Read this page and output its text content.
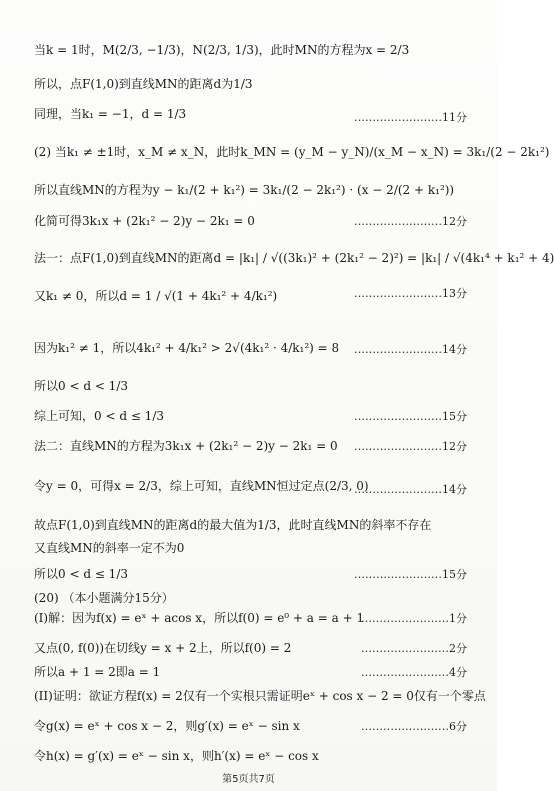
当k = 1时，M(2/3, −1/3)，N(2/3, 1/3)，此时MN的方程为x = 2/3
所以，点F(1,0)到直线MN的距离d为1/3
同理，当k₁ = −1，d = 1/3
(2) 当k₁ ≠ ±1时，x_M ≠ x_N，此时k_MN = (y_M − y_N)/(x_M − x_N) = 3k₁/(2 − 2k₁²)
所以直线MN的方程为y − k₁/(2 + k₁²) = 3k₁/(2 − 2k₁²) · (x − 2/(2 + k₁²))
化简可得3k₁x + (2k₁² − 2)y − 2k₁ = 0
法一：点F(1,0)到直线MN的距离d = |k₁| / √((3k₁)² + (2k₁² − 2)²) = |k₁| / √(4k₁⁴ + k₁² + 4)
又k₁ ≠ 0，所以d = 1 / √(1 + 4k₁² + 4/k₁²)
因为k₁² ≠ 1，所以4k₁² + 4/k₁² > 2√(4k₁² · 4/k₁²) = 8
所以0 < d < 1/3
综上可知，0 < d ≤ 1/3
法二：直线MN的方程为3k₁x + (2k₁² − 2)y − 2k₁ = 0
令y = 0，可得x = 2/3，综上可知，直线MN恒过定点(2/3, 0)
故点F(1,0)到直线MN的距离d的最大值为1/3，此时直线MN的斜率不存在
又直线MN的斜率一定不为0
所以0 < d ≤ 1/3
(20) （本小题满分15分）
(I)解：因为f(x) = eˣ + acos x，所以f(0) = e⁰ + a = a + 1
又点(0, f(0))在切线y = x + 2上，所以f(0) = 2
所以a + 1 = 2即a = 1
(II)证明：欲证方程f(x) = 2仅有一个实根只需证明eˣ + cos x − 2 = 0仅有一个零点
令g(x) = eˣ + cos x − 2，则g′(x) = eˣ − sin x
令h(x) = g′(x) = eˣ − sin x，则h′(x) = eˣ − cos x
……………………11分
……………………12分
……………………13分
……………………14分
……………………15分
……………………12分
……………………14分
……………………15分
……………………1分
……………………2分
……………………4分
……………………6分
第5页共7页
